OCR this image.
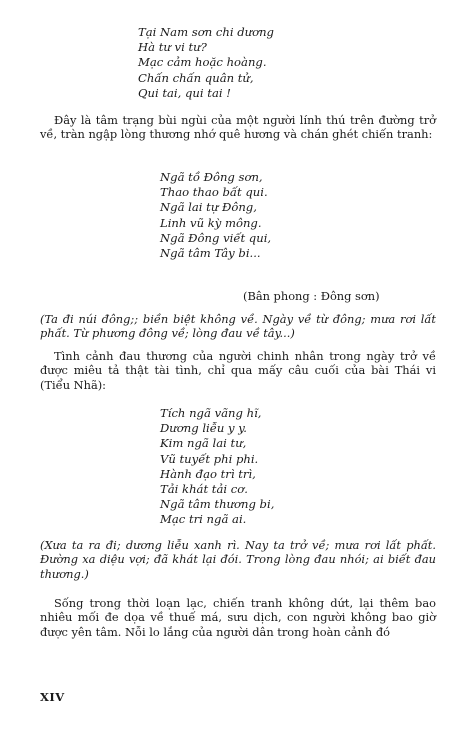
Tại Nam sơn chi dương
Hà tư vi tư?
Mạc cảm hoặc hoàng.
Chấn chấn quân tử,
Qui tai, qui tai !
Đây là tâm trạng bùi ngùi của một người lính thú trên đường trở về, tràn ngập lòng thương nhớ quê hương và chán ghét chiến tranh:
Ngã tồ Đông sơn,
Thao thao bất qui.
Ngã lai tự Đông,
Linh vũ kỳ mông.
Ngã Đông viết qui,
Ngã tâm Tây bi...
(Bân phong : Đông sơn)
(Ta đi núi đông;; biền biệt không về. Ngày về từ đông; mưa rơi lất phất. Từ phương đông về; lòng đau về tây...)
Tình cảnh đau thương của người chinh nhân trong ngày trở về được miêu tả thật tài tình, chỉ qua mấy câu cuối của bài Thái vi (Tiểu Nhã):
Tích ngã vãng hĩ,
Dương liễu y y.
Kim ngã lai tư,
Vũ tuyết phi phi.
Hành đạo trì trì,
Tải khát tải cơ.
Ngã tâm thương bi,
Mạc tri ngã ai.
(Xưa ta ra đi; dương liễu xanh rì. Nay ta trở về; mưa rơi lất phất. Đường xa diệu vợi; đã khát lại đói. Trong lòng đau nhói; ai biết đau thương.)
Sống trong thời loạn lạc, chiến tranh không dứt, lại thêm bao nhiêu mối đe dọa về thuế má, sưu dịch, con người không bao giờ được yên tâm. Nỗi lo lắng của người dân trong hoàn cảnh đó
XIV
